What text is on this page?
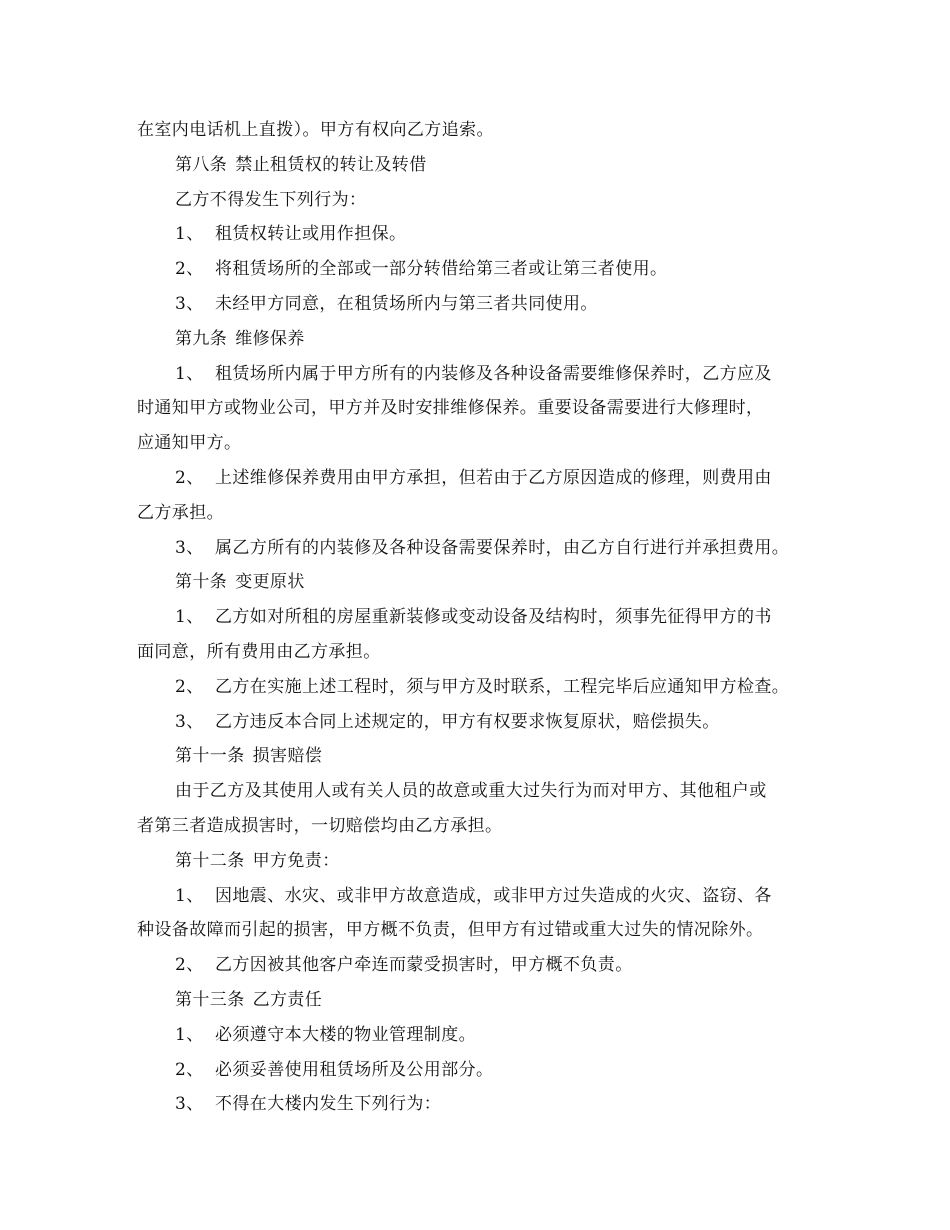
在室内电话机上直拨）。甲方有权向乙方追索。
第八条 禁止租赁权的转让及转借
乙方不得发生下列行为：
1、 租赁权转让或用作担保。
2、 将租赁场所的全部或一部分转借给第三者或让第三者使用。
3、 未经甲方同意，在租赁场所内与第三者共同使用。
第九条 维修保养
1、 租赁场所内属于甲方所有的内装修及各种设备需要维修保养时，乙方应及
时通知甲方或物业公司，甲方并及时安排维修保养。重要设备需要进行大修理时，
应通知甲方。
2、 上述维修保养费用由甲方承担，但若由于乙方原因造成的修理，则费用由
乙方承担。
3、 属乙方所有的内装修及各种设备需要保养时，由乙方自行进行并承担费用。
第十条 变更原状
1、 乙方如对所租的房屋重新装修或变动设备及结构时，须事先征得甲方的书
面同意，所有费用由乙方承担。
2、 乙方在实施上述工程时，须与甲方及时联系，工程完毕后应通知甲方检查。
3、 乙方违反本合同上述规定的，甲方有权要求恢复原状，赔偿损失。
第十一条 损害赔偿
由于乙方及其使用人或有关人员的故意或重大过失行为而对甲方、其他租户或
者第三者造成损害时，一切赔偿均由乙方承担。
第十二条 甲方免责：
1、 因地震、水灾、或非甲方故意造成，或非甲方过失造成的火灾、盗窃、各
种设备故障而引起的损害，甲方概不负责，但甲方有过错或重大过失的情况除外。
2、 乙方因被其他客户牵连而蒙受损害时，甲方概不负责。
第十三条 乙方责任
1、 必须遵守本大楼的物业管理制度。
2、 必须妥善使用租赁场所及公用部分。
3、 不得在大楼内发生下列行为：
